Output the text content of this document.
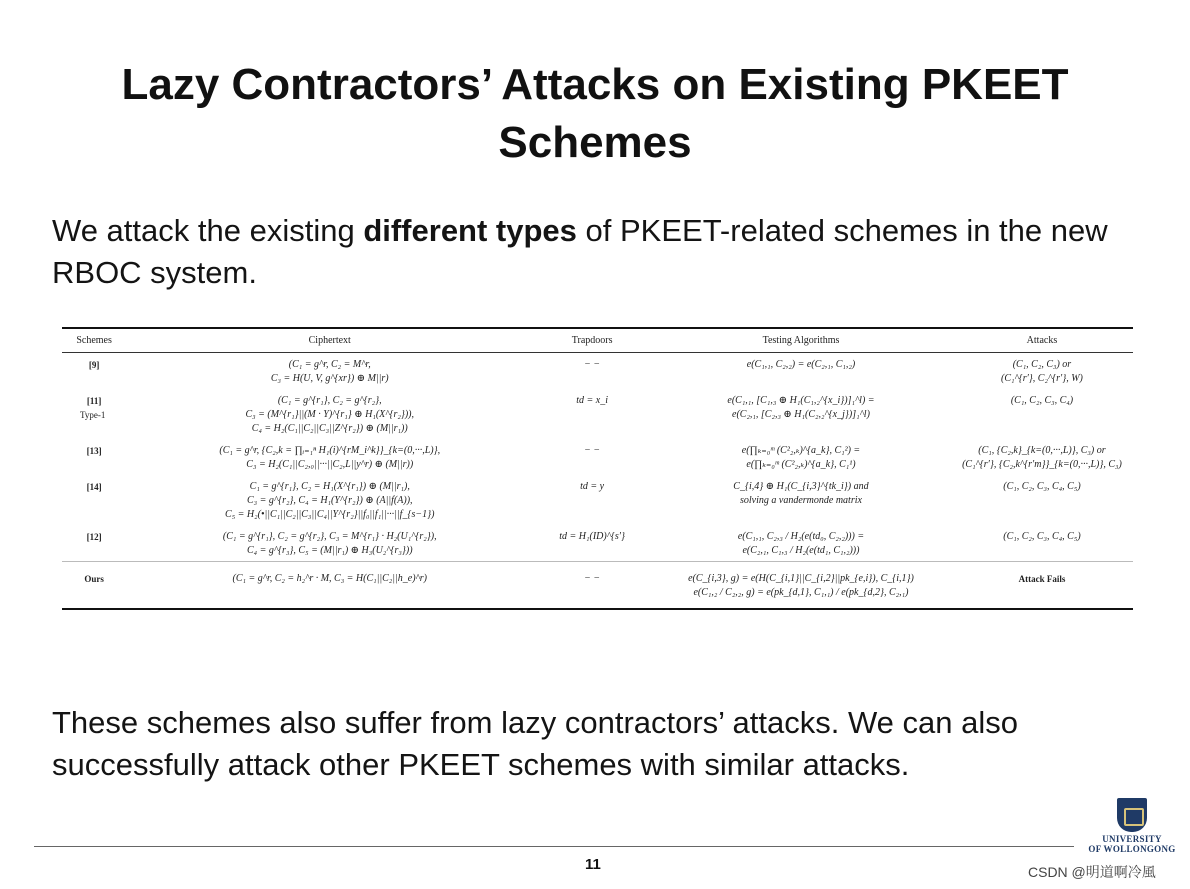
Lazy Contractors’ Attacks on Existing PKEET Schemes
We attack the existing different types of PKEET-related schemes in the new RBOC system.
Schemes	Ciphertext	Trapdoors	Testing Algorithms	Attacks
[9]	(C₁ = g^r, C₂ = M^r,
C₃ = H(U, V, g^{xr}) ⊕ M||r)	− −	e(C₁,₁, C₂,₂) = e(C₂,₁, C₁,₂)	(C₁, C₂, C₃) or
(C₁^{r′}, C₂^{r′}, W)

[11]
Type-1	(C₁ = g^{r₁}, C₂ = g^{r₂},
C₃ = (M^{r₁}||(M · Y)^{r₁} ⊕ H₁(X^{r₂})),
C₄ = H₂(C₁||C₂||C₃||Z^{r₂}) ⊕ (M||r₁))	td = x_i	e(C₁,₁, [C₁,₃ ⊕ H₁(C₁,₂^{x_i})]₁^l) =
e(C₂,₁, [C₂,₃ ⊕ H₁(C₂,₂^{x_j})]₁^l)	(C₁, C₂, C₃, C₄)

[13]	(C₁ = g^r, {C₂,k = ∏ᵢ₌₁ⁿ H₁(i)^{rM_i^k}}_{k=(0,···,L)},
C₃ = H₂(C₁||C₂,₀||···||C₂,L||y^r) ⊕ (M||r))	− −	e(∏ₖ₌₀ᵐ (C²₂,ₖ)^{a_k}, C₁²) =
e(∏ₖ₌₀ᵐ (C²₂,ₖ)^{a_k}, C₁¹)	(C₁, {C₂,k}_{k=(0,···,L)}, C₃) or
(C₁^{r′}, {C₂,k^{r′m}}_{k=(0,···,L)}, C₃)

[14]	C₁ = g^{r₁}, C₂ = H₁(X^{r₁}) ⊕ (M||r₁),
C₃ = g^{r₂}, C₄ = H₁(Y^{r₂}) ⊕ (A||f(A)),
C₅ = H₂(•||C₁||C₂||C₃||C₄||Y^{r₂}||f₀||f₁||···||f_{s−1})	td = y	C_{i,4} ⊕ H₁(C_{i,3}^{tk_i}) and
solving a vandermonde matrix	(C₁, C₂, C₃, C₄, C₅)

[12]	(C₁ = g^{r₁}, C₂ = g^{r₂}, C₃ = M^{r₁} · H₂(U₁^{r₂}),
C₄ = g^{r₃}, C₅ = (M||r₁) ⊕ H₃(U₂^{r₃}))	td = H₁(ID)^{s′}	e(C₁,₁, C₂,₃ / H₂(e(td₀, C₂,₂))) =
e(C₂,₁, C₁,₃ / H₂(e(td₁, C₁,₂)))	(C₁, C₂, C₃, C₄, C₅)

Ours	(C₁ = g^r, C₂ = h₂^r · M, C₃ = H(C₁||C₂||h_e)^r)	− −	e(C_{i,3}, g) = e(H(C_{i,1}||C_{i,2}||pk_{e,i}), C_{i,1})
e(C₁,₂ / C₂,₂, g) = e(pk_{d,1}, C₁,₁) / e(pk_{d,2}, C₂,₁)	Attack Fails
These schemes also suffer from lazy contractors’ attacks. We can also successfully attack other PKEET schemes with similar attacks.
11
UNIVERSITY
OF WOLLONGONG
CSDN @明道啊冷風
